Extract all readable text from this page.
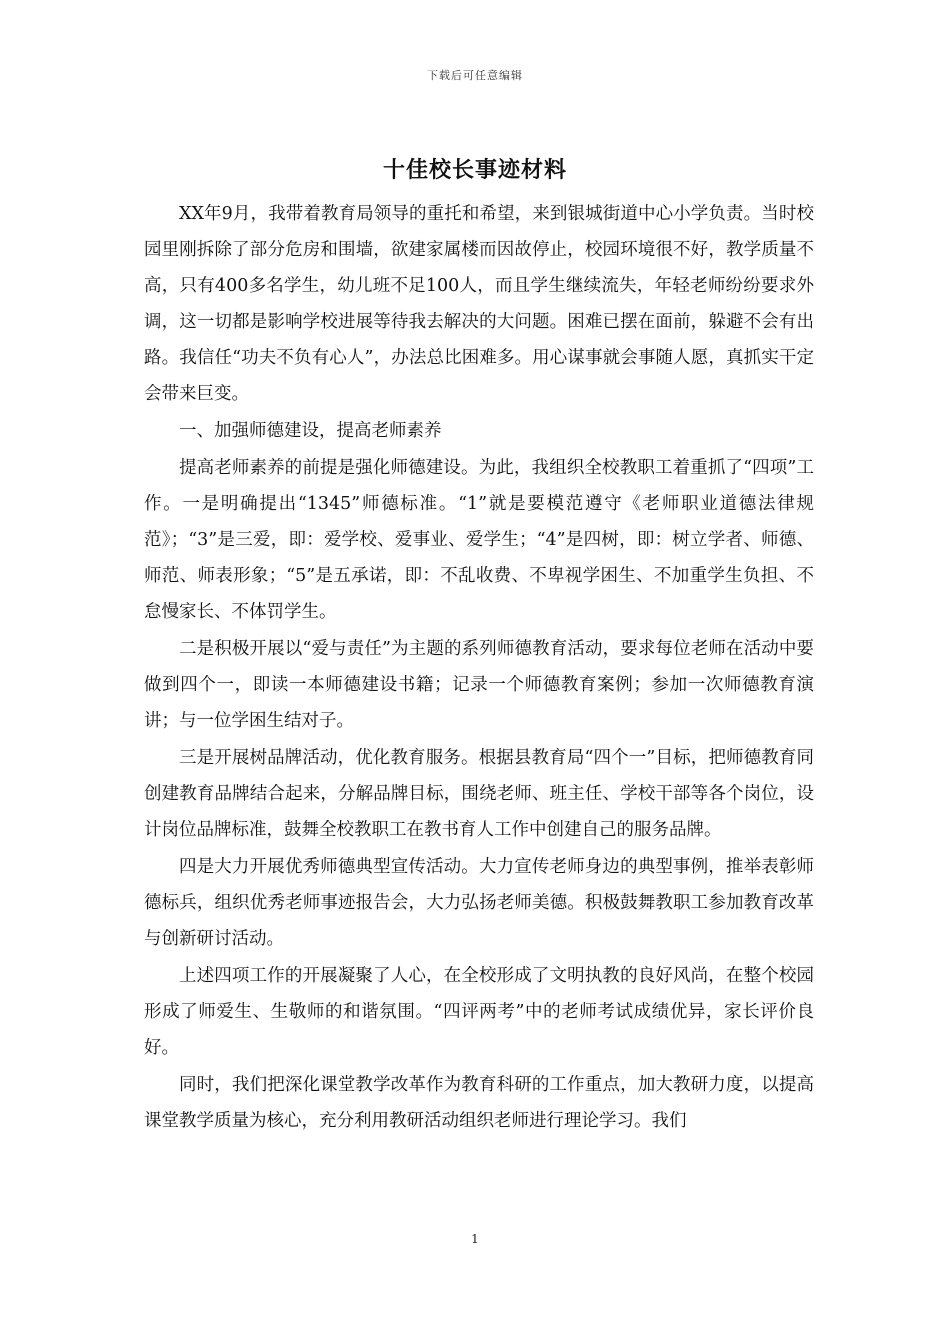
下载后可任意编辑
十佳校长事迹材料

XX年9月，我带着教育局领导的重托和希望，来到银城街道中心小学负责。当时校园里刚拆除了部分危房和围墙，欲建家属楼而因故停止，校园环境很不好，教学质量不高，只有400多名学生，幼儿班不足100人，而且学生继续流失，年轻老师纷纷要求外调，这一切都是影响学校进展等待我去解决的大问题。困难已摆在面前，躲避不会有出路。我信任“功夫不负有心人”，办法总比困难多。用心谋事就会事随人愿，真抓实干定会带来巨变。

一、加强师德建设，提高老师素养

提高老师素养的前提是强化师德建设。为此，我组织全校教职工着重抓了“四项”工作。一是明确提出“1345”师德标准。“1”就是要模范遵守《老师职业道德法律规范》；“3”是三爱，即：爱学校、爱事业、爱学生；“4”是四树，即：树立学者、师德、师范、师表形象；“5”是五承诺，即：不乱收费、不卑视学困生、不加重学生负担、不怠慢家长、不体罚学生。

二是积极开展以“爱与责任”为主题的系列师德教育活动，要求每位老师在活动中要做到四个一，即读一本师德建设书籍；记录一个师德教育案例；参加一次师德教育演讲；与一位学困生结对子。

三是开展树品牌活动，优化教育服务。根据县教育局“四个一”目标，把师德教育同创建教育品牌结合起来，分解品牌目标，围绕老师、班主任、学校干部等各个岗位，设计岗位品牌标准，鼓舞全校教职工在教书育人工作中创建自己的服务品牌。

四是大力开展优秀师德典型宣传活动。大力宣传老师身边的典型事例，推举表彰师德标兵，组织优秀老师事迹报告会，大力弘扬老师美德。积极鼓舞教职工参加教育改革与创新研讨活动。

上述四项工作的开展凝聚了人心，在全校形成了文明执教的良好风尚，在整个校园形成了师爱生、生敬师的和谐氛围。“四评两考”中的老师考试成绩优异，家长评价良好。

同时，我们把深化课堂教学改革作为教育科研的工作重点，加大教研力度，以提高课堂教学质量为核心，充分利用教研活动组织老师进行理论学习。我们

1
